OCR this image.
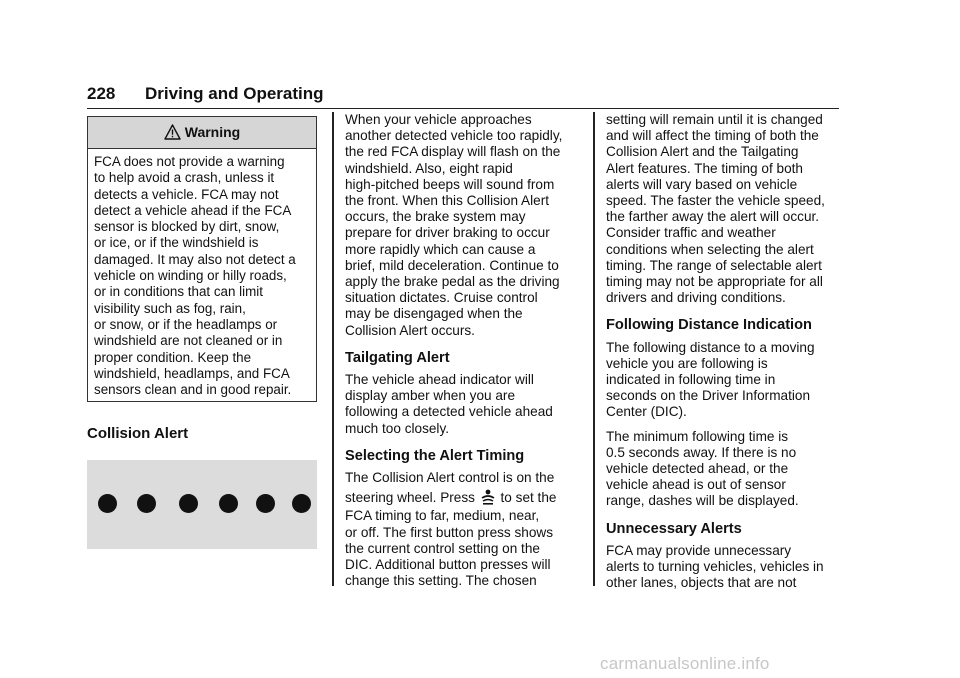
228 Driving and Operating
Warning
FCA does not provide a warning
to help avoid a crash, unless it
detects a vehicle. FCA may not
detect a vehicle ahead if the FCA
sensor is blocked by dirt, snow,
or ice, or if the windshield is
damaged. It may also not detect a
vehicle on winding or hilly roads,
or in conditions that can limit
visibility such as fog, rain,
or snow, or if the headlamps or
windshield are not cleaned or in
proper condition. Keep the
windshield, headlamps, and FCA
sensors clean and in good repair.
Collision Alert
When your vehicle approaches
another detected vehicle too rapidly,
the red FCA display will flash on the
windshield. Also, eight rapid
high-pitched beeps will sound from
the front. When this Collision Alert
occurs, the brake system may
prepare for driver braking to occur
more rapidly which can cause a
brief, mild deceleration. Continue to
apply the brake pedal as the driving
situation dictates. Cruise control
may be disengaged when the
Collision Alert occurs.
Tailgating Alert
The vehicle ahead indicator will
display amber when you are
following a detected vehicle ahead
much too closely.
Selecting the Alert Timing
The Collision Alert control is on the
steering wheel. Press to set the
FCA timing to far, medium, near,
or off. The first button press shows
the current control setting on the
DIC. Additional button presses will
change this setting. The chosen
setting will remain until it is changed
and will affect the timing of both the
Collision Alert and the Tailgating
Alert features. The timing of both
alerts will vary based on vehicle
speed. The faster the vehicle speed,
the farther away the alert will occur.
Consider traffic and weather
conditions when selecting the alert
timing. The range of selectable alert
timing may not be appropriate for all
drivers and driving conditions.
Following Distance Indication
The following distance to a moving
vehicle you are following is
indicated in following time in
seconds on the Driver Information
Center (DIC).
The minimum following time is
0.5 seconds away. If there is no
vehicle detected ahead, or the
vehicle ahead is out of sensor
range, dashes will be displayed.
Unnecessary Alerts
FCA may provide unnecessary
alerts to turning vehicles, vehicles in
other lanes, objects that are not
carmanualsonline.info
